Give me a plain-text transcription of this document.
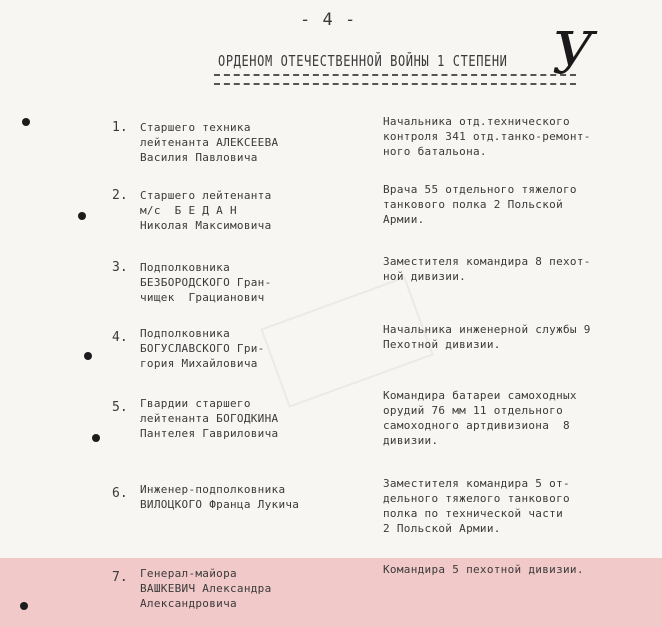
- 4 -
ОРДЕНОМ ОТЕЧЕСТВЕННОЙ ВОЙНЫ 1 СТЕПЕНИ У
1. Старшего техника
лейтенанта АЛЕКСЕЕВА
Василия Павловича
Начальника отд.технического
контроля 341 отд.танко-ремонт-
ного батальона.
2. Старшего лейтенанта
м/с  Б Е Д А Н
Николая Максимовича
Врача 55 отдельного тяжелого
танкового полка 2 Польской
Армии.
3. Подполковника
БЕЗБОРОДСКОГО Гран-
чищек  Грацианович
Заместителя командира 8 пехот-
ной дивизии.
4. Подполковника
БОГУСЛАВСКОГО Гри-
гория Михайловича
Начальника инженерной службы 9
Пехотной дивизии.
5. Гвардии старшего
лейтенанта БОГОДКИНА
Пантелея Гавриловича
Командира батареи самоходных
орудий 76 мм 11 отдельного
самоходного артдивизиона  8
дивизии.
6. Инженер-подполковника
ВИЛОЦКОГО Франца Лукича
Заместителя командира 5 от-
дельного тяжелого танкового
полка по технической части
2 Польской Армии.
7. Генерал-майора
ВАШКЕВИЧ Александра
Александровича
Командира 5 пехотной дивизии.
